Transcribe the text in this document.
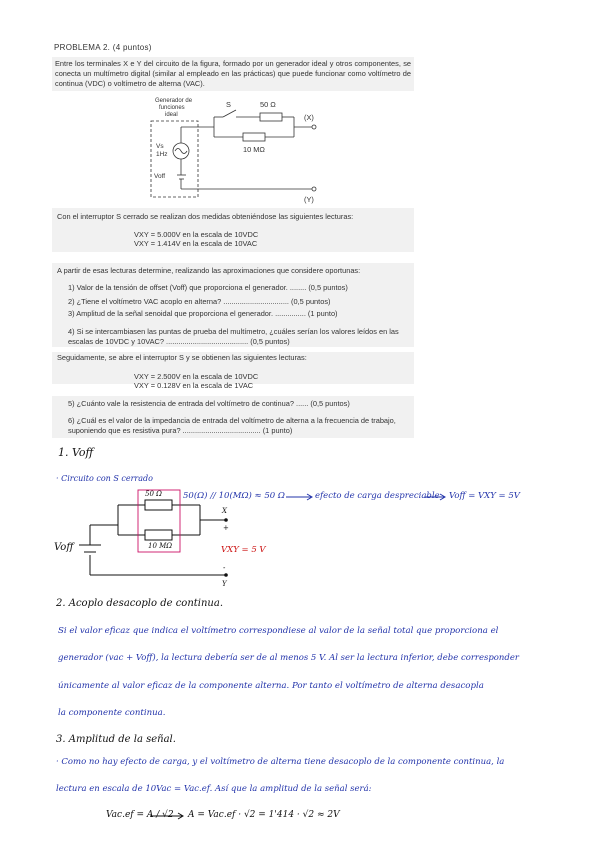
PROBLEMA 2. (4 puntos)
Entre los terminales X e Y del circuito de la figura, formado por un generador ideal y otros componentes, se conecta un multímetro digital (similar al empleado en las prácticas) que puede funcionar como voltímetro de continua (VDC) o voltímetro de alterna (VAC).
Generador de
funciones
ideal
S	50 Ω
10 MΩ
Vs
1Hz
Voff
(X)
(Y)
Con el interruptor S cerrado se realizan dos medidas obteniéndose las siguientes lecturas:
VXY = 5.000V en la escala de 10VDC
VXY = 1.414V en la escala de 10VAC
A partir de esas lecturas determine, realizando las aproximaciones que considere oportunas:
1) Valor de la tensión de offset (Voff) que proporciona el generador. ........ (0,5 puntos)
2) ¿Tiene el voltímetro VAC acoplo en alterna? ................................ (0,5 puntos)
3) Amplitud de la señal senoidal que proporciona el generador. ............... (1 punto)
4) Si se intercambiasen las puntas de prueba del multímetro, ¿cuáles serían los valores leídos en las escalas de 10VDC y 10VAC? ........................................ (0,5 puntos)
Seguidamente, se abre el interruptor S y se obtienen las siguientes lecturas:
VXY = 2.500V en la escala de 10VDC
VXY = 0.128V en la escala de 1VAC
5) ¿Cuánto vale la resistencia de entrada del voltímetro de continua? ...... (0,5 puntos)
6) ¿Cuál es el valor de la impedancia de entrada del voltímetro de alterna a la frecuencia de trabajo, suponiendo que es resistiva pura? ...................................... (1 punto)
1. Voff
· Circuito con S cerrado
50 Ω
10 MΩ
Voff
X
+
VXY = 5 V
-
Y
50(Ω) // 10(MΩ) ≈ 50 Ω	efecto de carga despreciable Voff = VXY = 5V
2. Acoplo desacoplo de continua.
Si el valor eficaz que indica el voltímetro correspondiese al valor de la señal total que proporciona el
generador (vac + Voff), la lectura debería ser de al menos 5 V. Al ser la lectura inferior, debe corresponder
únicamente al valor eficaz de la componente alterna. Por tanto el voltímetro de alterna desacopla
la componente continua.
3. Amplitud de la señal.
· Como no hay efecto de carga, y el voltímetro de alterna tiene desacoplo de la componente continua, la
lectura en escala de 10Vac = Vac.ef. Así que la amplitud de la señal será:
Vac.ef = A / √2 A = Vac.ef · √2 = 1'414 · √2 ≈ 2V
